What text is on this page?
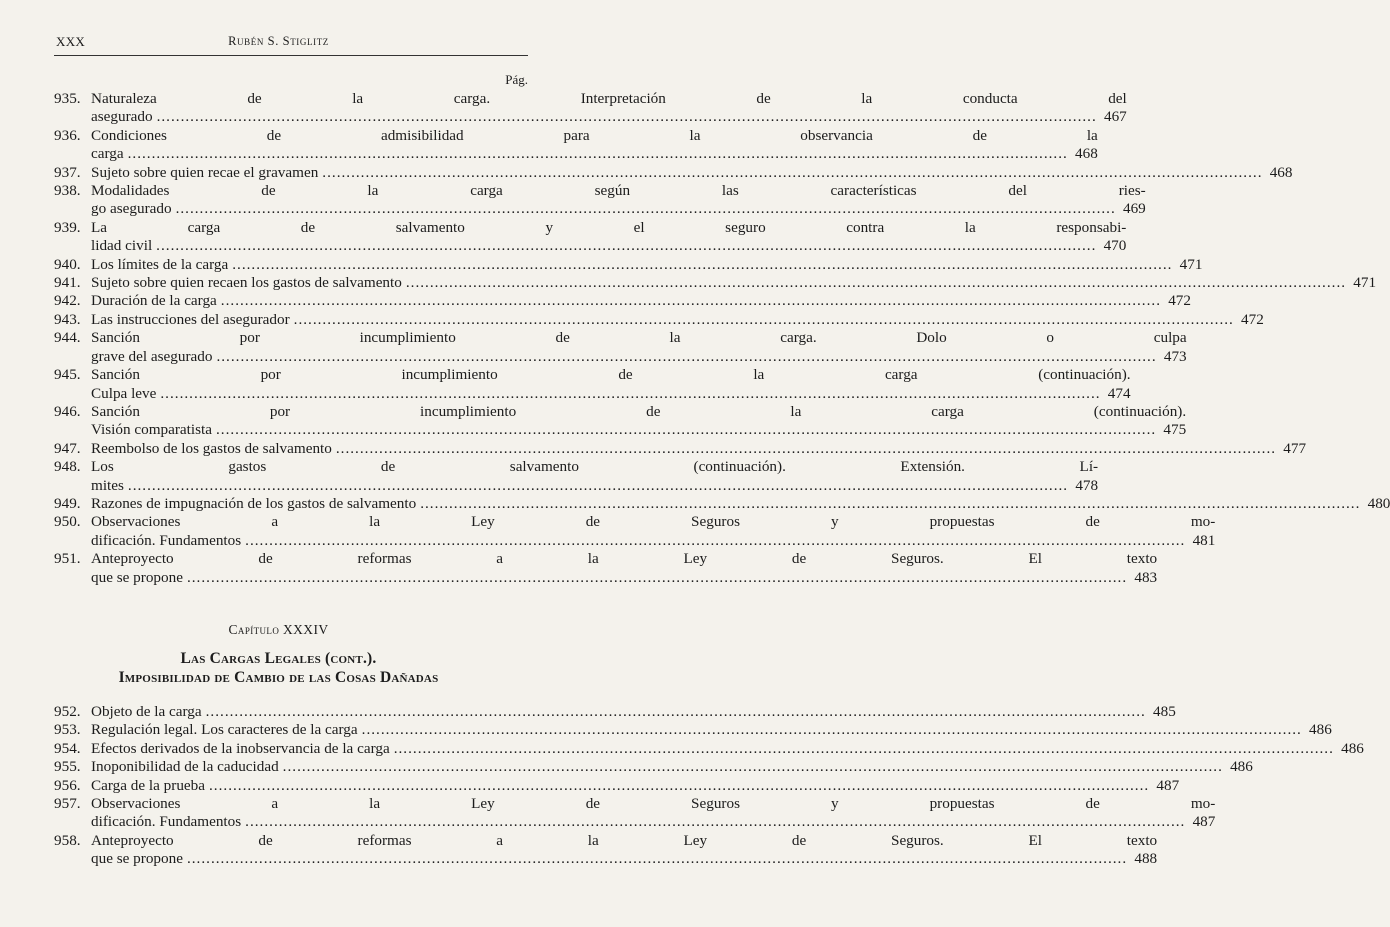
XXX	Rubén S. Stiglitz
Pág.
935. Naturaleza de la carga. Interpretación de la conducta del
asegurado .....	467
936. Condiciones de admisibilidad para la observancia de la
carga .....	468
937. Sujeto sobre quien recae el gravamen .....	468
938. Modalidades de la carga según las características del ries-
go asegurado .....	469
939. La carga de salvamento y el seguro contra la responsabi-
lidad civil .....	470
940. Los límites de la carga .....	471
941. Sujeto sobre quien recaen los gastos de salvamento .....	471
942. Duración de la carga .....	472
943. Las instrucciones del asegurador .....	472
944. Sanción por incumplimiento de la carga. Dolo o culpa
grave del asegurado .....	473
945. Sanción por incumplimiento de la carga (continuación).
Culpa leve .....	474
946. Sanción por incumplimiento de la carga (continuación).
Visión comparatista .....	475
947. Reembolso de los gastos de salvamento .....	477
948. Los gastos de salvamento (continuación). Extensión. Lí-
mites .....	478
949. Razones de impugnación de los gastos de salvamento .....	480
950. Observaciones a la Ley de Seguros y propuestas de mo-
dificación. Fundamentos .....	481
951. Anteproyecto de reformas a la Ley de Seguros. El texto
que se propone .....	483
Capítulo XXXIV
Las Cargas Legales (cont.).
Imposibilidad de Cambio de las Cosas Dañadas
952. Objeto de la carga .....	485
953. Regulación legal. Los caracteres de la carga .....	486
954. Efectos derivados de la inobservancia de la carga .....	486
955. Inoponibilidad de la caducidad .....	486
956. Carga de la prueba .....	487
957. Observaciones a la Ley de Seguros y propuestas de mo-
dificación. Fundamentos .....	487
958. Anteproyecto de reformas a la Ley de Seguros. El texto
que se propone .....	488
